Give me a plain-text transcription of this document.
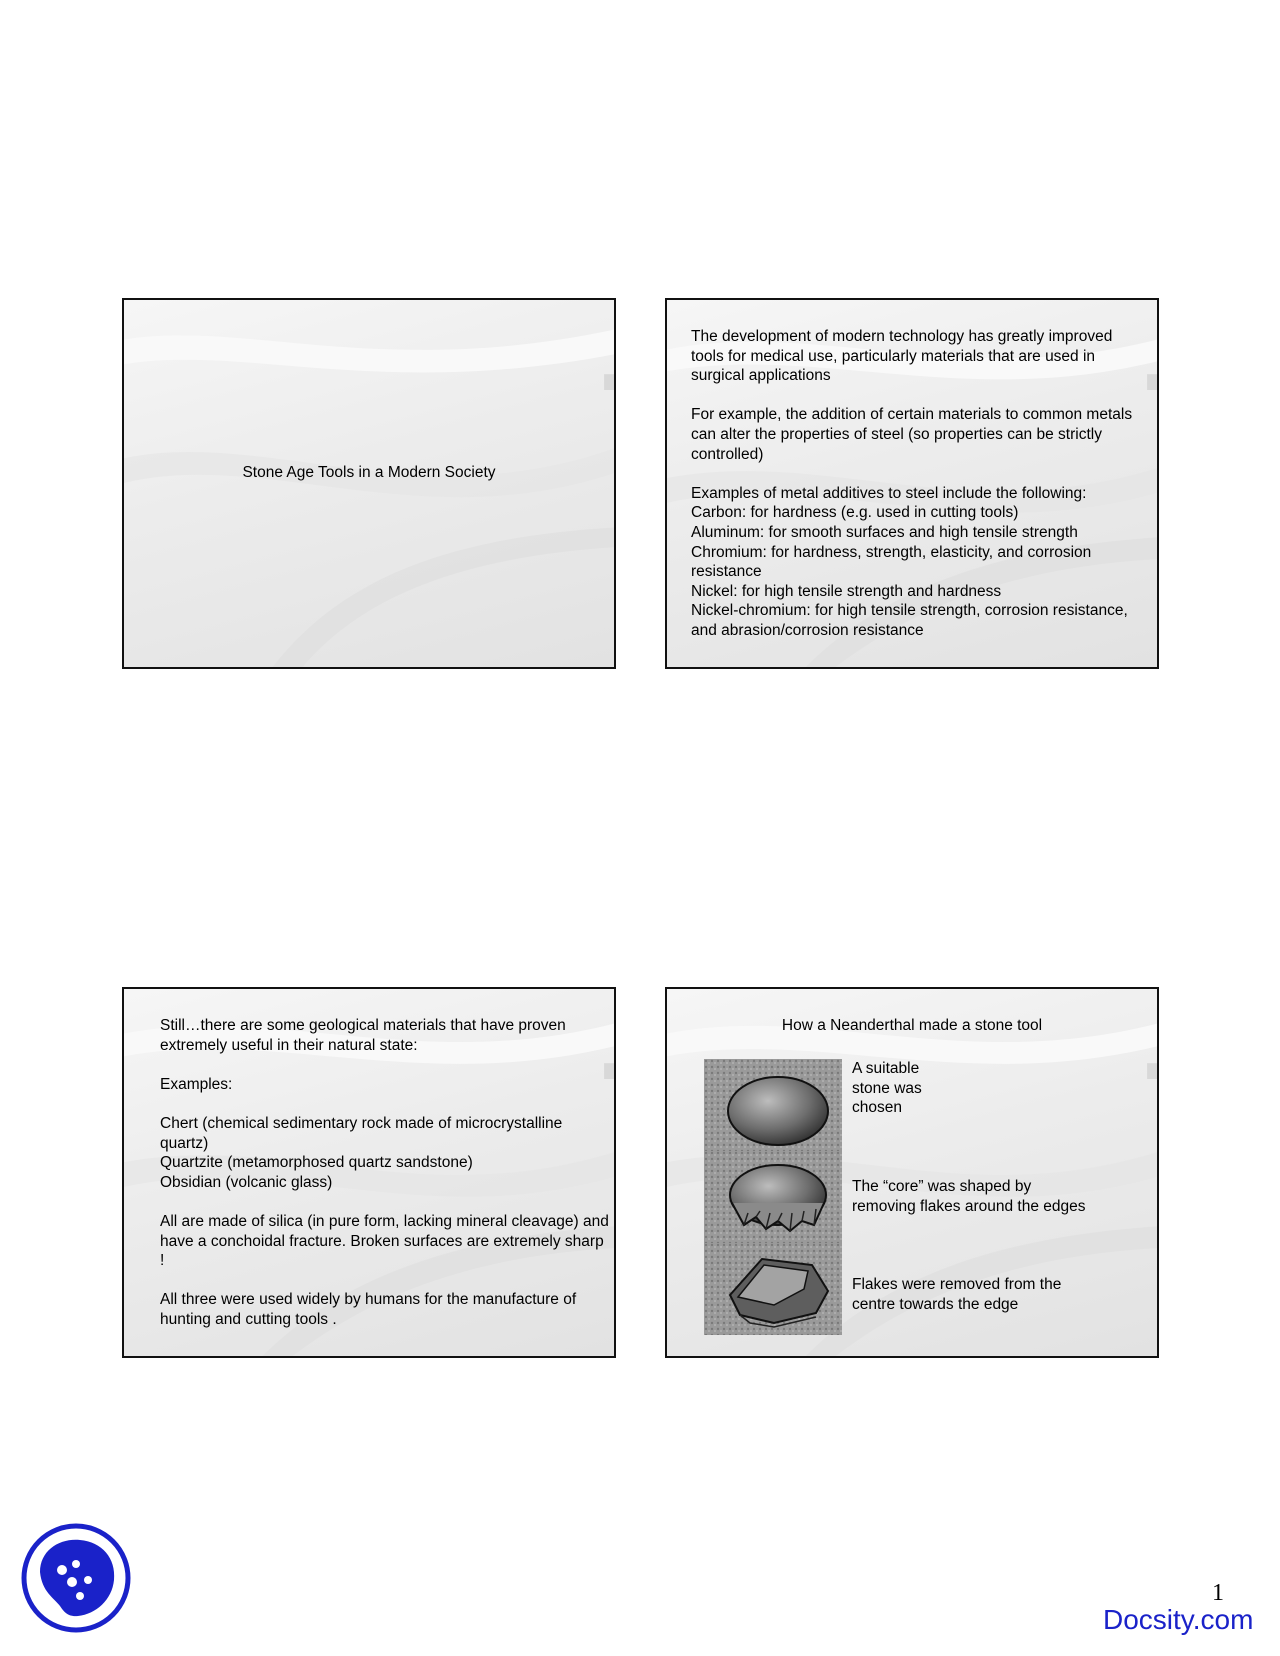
Stone Age Tools in a Modern Society
The development of modern technology has greatly improved tools for medical use, particularly materials that are used in surgical applications

For example, the addition of certain materials to common metals can alter the properties of steel (so properties can be strictly controlled)

Examples of metal additives to steel include the following:
Carbon: for hardness (e.g. used in cutting tools)
Aluminum: for smooth surfaces and high tensile strength
Chromium: for hardness, strength, elasticity, and corrosion resistance
Nickel: for high tensile strength and hardness
Nickel-chromium: for high tensile strength, corrosion resistance, and abrasion/corrosion resistance
Still…there are some geological materials that have proven extremely useful in their natural state:

Examples:

Chert (chemical sedimentary rock made of microcrystalline quartz)
Quartzite (metamorphosed quartz sandstone)
Obsidian (volcanic glass)

All are made of silica (in pure form, lacking mineral cleavage) and have a conchoidal fracture. Broken surfaces are extremely sharp !

All three were used widely by humans for the manufacture of hunting and cutting tools .
How a Neanderthal made a stone tool
A suitable
stone was
chosen
The “core” was shaped by
removing flakes around the edges
Flakes were removed from the
centre towards the edge
1
Docsity.com
